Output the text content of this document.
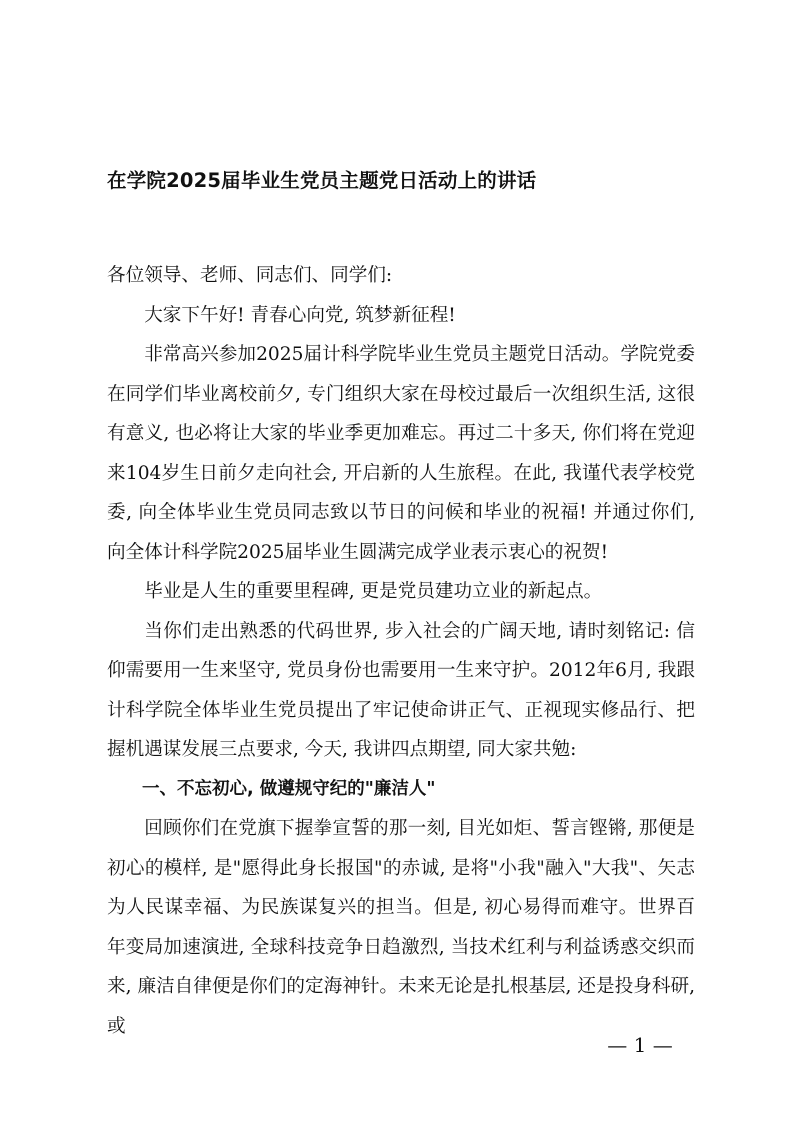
在学院2025届毕业生党员主题党日活动上的讲话

各位领导、老师、同志们、同学们:

大家下午好! 青春心向党, 筑梦新征程!

非常高兴参加2025届计科学院毕业生党员主题党日活动。学院党委在同学们毕业离校前夕, 专门组织大家在母校过最后一次组织生活, 这很有意义, 也必将让大家的毕业季更加难忘。再过二十多天, 你们将在党迎来104岁生日前夕走向社会, 开启新的人生旅程。在此, 我谨代表学校党委, 向全体毕业生党员同志致以节日的问候和毕业的祝福! 并通过你们, 向全体计科学院2025届毕业生圆满完成学业表示衷心的祝贺!

毕业是人生的重要里程碑, 更是党员建功立业的新起点。

当你们走出熟悉的代码世界, 步入社会的广阔天地, 请时刻铭记: 信仰需要用一生来坚守, 党员身份也需要用一生来守护。2012年6月, 我跟计科学院全体毕业生党员提出了牢记使命讲正气、正视现实修品行、把握机遇谋发展三点要求, 今天, 我讲四点期望, 同大家共勉:

一、不忘初心, 做遵规守纪的"廉洁人"

回顾你们在党旗下握拳宣誓的那一刻, 目光如炬、誓言铿锵, 那便是初心的模样, 是"愿得此身长报国"的赤诚, 是将"小我"融入"大我"、矢志为人民谋幸福、为民族谋复兴的担当。但是, 初心易得而难守。世界百年变局加速演进, 全球科技竞争日趋激烈, 当技术红利与利益诱惑交织而来, 廉洁自律便是你们的定海神针。未来无论是扎根基层, 还是投身科研, 或

— 1 —
